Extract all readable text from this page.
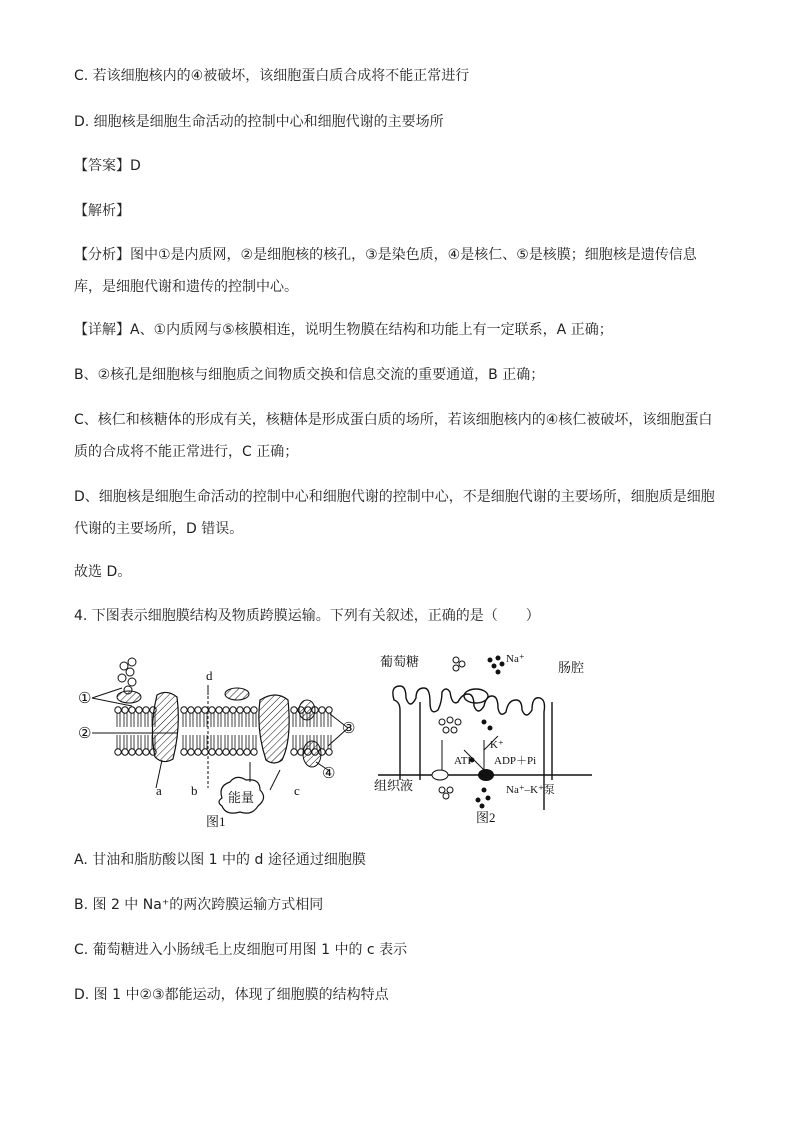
C. 若该细胞核内的④被破坏，该细胞蛋白质合成将不能正常进行
D. 细胞核是细胞生命活动的控制中心和细胞代谢的主要场所
【答案】D
【解析】
【分析】图中①是内质网，②是细胞核的核孔，③是染色质，④是核仁、⑤是核膜；细胞核是遗传信息
库，是细胞代谢和遗传的控制中心。
【详解】A、①内质网与⑤核膜相连，说明生物膜在结构和功能上有一定联系，A 正确；
B、②核孔是细胞核与细胞质之间物质交换和信息交流的重要通道，B 正确；
C、核仁和核糖体的形成有关，核糖体是形成蛋白质的场所，若该细胞核内的④核仁被破坏，该细胞蛋白
质的合成将不能正常进行，C 正确；
D、细胞核是细胞生命活动的控制中心和细胞代谢的控制中心，不是细胞代谢的主要场所，细胞质是细胞
代谢的主要场所，D 错误。
故选 D。
4. 下图表示细胞膜结构及物质跨膜运输。下列有关叙述，正确的是（　　）
能量
①
②	③
④
a b	c
d
图1
葡萄糖	Na⁺
肠腔
K⁺
ATP ADP＋Pi
组织液	Na⁺–K⁺泵
图2
A. 甘油和脂肪酸以图 1 中的 d 途径通过细胞膜
B. 图 2 中 Na⁺的两次跨膜运输方式相同
C. 葡萄糖进入小肠绒毛上皮细胞可用图 1 中的 c 表示
D. 图 1 中②③都能运动，体现了细胞膜的结构特点
